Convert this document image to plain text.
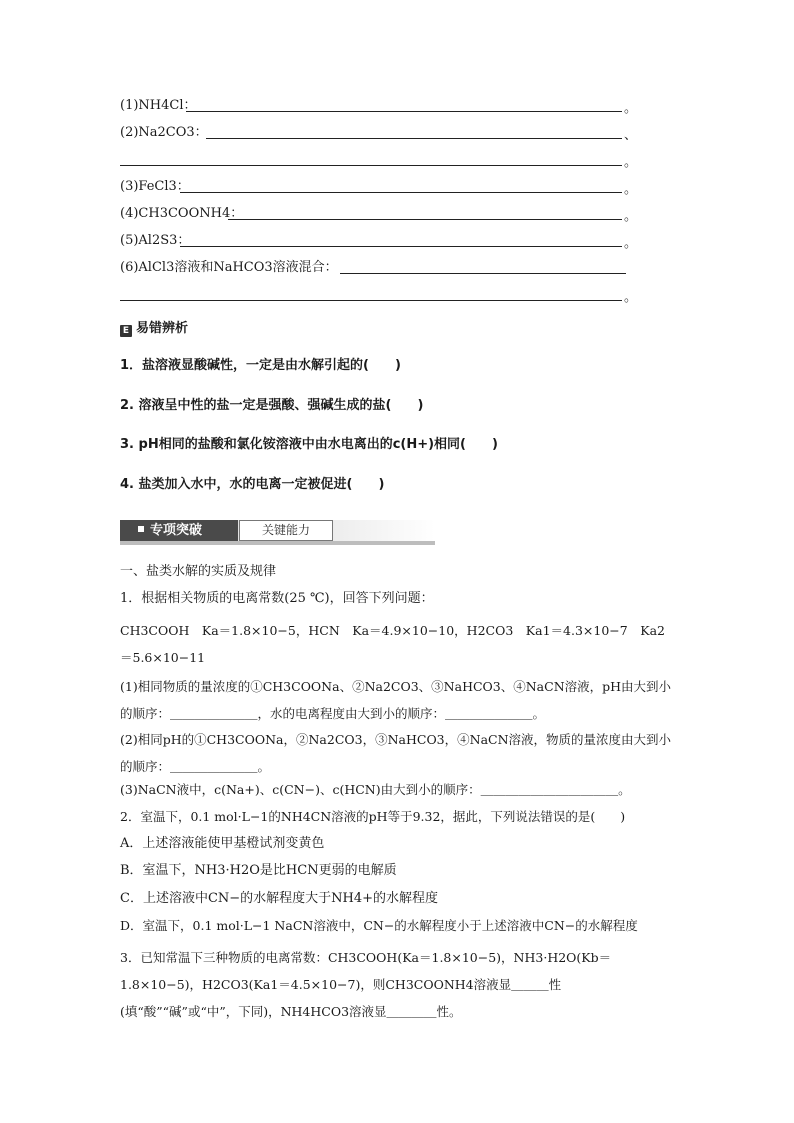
(1)NH4Cl：	。
(2)Na2CO3：	、
。
(3)FeCl3：	。
(4)CH3COONH4：	。
(5)Al2S3：	。
(6)AlCl3溶液和NaHCO3溶液混合：
。
E 易错辨析
1．盐溶液显酸碱性，一定是由水解引起的(　　)
2. 溶液呈中性的盐一定是强酸、强碱生成的盐(　　)
3. pH相同的盐酸和氯化铵溶液中由水电离出的c(H+)相同(　　)
4. 盐类加入水中，水的电离一定被促进(　　)
专项突破	关键能力
一、盐类水解的实质及规律
1．根据相关物质的电离常数(25 ℃)，回答下列问题：
CH3COOH　Ka＝1.8×10−5，HCN　Ka＝4.9×10−10，H2CO3　Ka1＝4.3×10−7　Ka2＝5.6×10−11
(1)相同物质的量浓度的①CH3COONa、②Na2CO3、③NaHCO3、④NaCN溶液，pH由大到小的顺序：＿＿＿＿＿＿＿，水的电离程度由大到小的顺序：＿＿＿＿＿＿＿。
(2)相同pH的①CH3COONa，②Na2CO3，③NaHCO3，④NaCN溶液，物质的量浓度由大到小的顺序：＿＿＿＿＿＿＿。
(3)NaCN液中，c(Na+)、c(CN−)、c(HCN)由大到小的顺序：＿＿＿＿＿＿＿＿＿＿＿。
2．室温下，0.1 mol·L−1的NH4CN溶液的pH等于9.32，据此，下列说法错误的是(　　)
A．上述溶液能使甲基橙试剂变黄色
B．室温下，NH3·H2O是比HCN更弱的电解质
C．上述溶液中CN−的水解程度大于NH4+的水解程度
D．室温下，0.1 mol·L−1 NaCN溶液中，CN−的水解程度小于上述溶液中CN−的水解程度
3．已知常温下三种物质的电离常数：CH3COOH(Ka＝1.8×10−5)，NH3·H2O(Kb＝1.8×10−5)，H2CO3(Ka1＝4.5×10−7)，则CH3COONH4溶液显＿＿＿性(填“酸”“碱”或“中”，下同)，NH4HCO3溶液显＿＿＿＿性。
